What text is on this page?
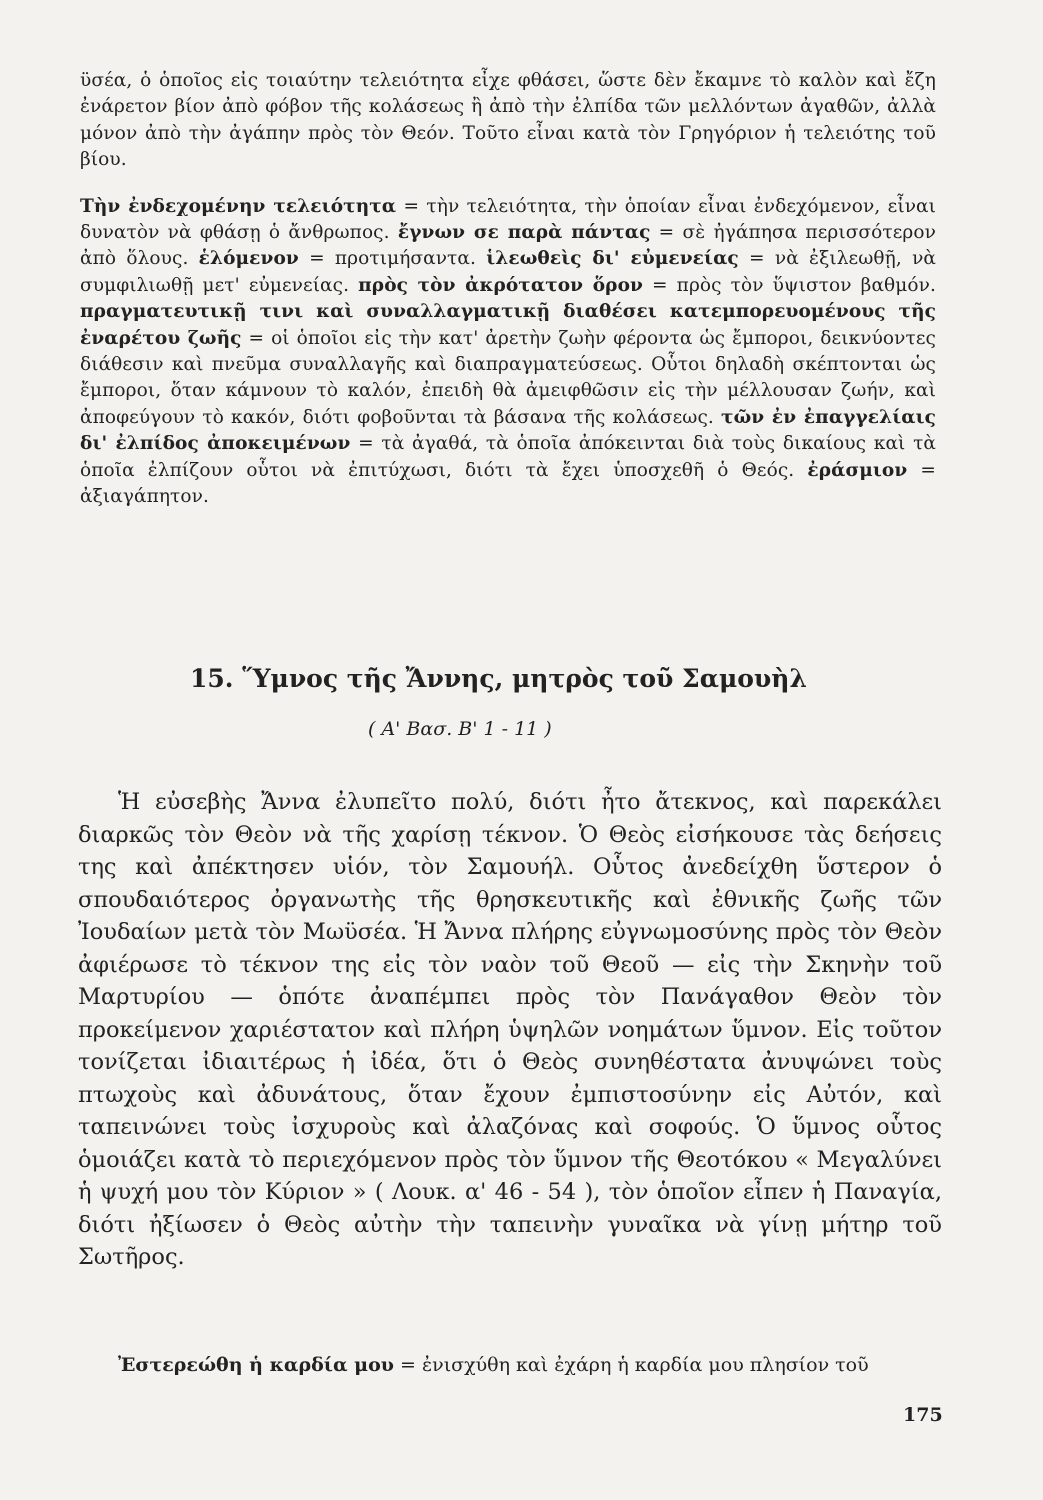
ϋσέα, ὁ ὁποῖος εἰς τοιαύτην τελειότητα εἶχε φθάσει, ὥστε δὲν ἔκαμνε τὸ καλὸν καὶ ἔζη ἐνάρετον βίον ἀπὸ φόβον τῆς κολάσεως ἢ ἀπὸ τὴν ἐλπίδα τῶν μελλόντων ἀγαθῶν, ἀλλὰ μόνον ἀπὸ τὴν ἀγάπην πρὸς τὸν Θεόν. Τοῦτο εἶναι κατὰ τὸν Γρηγόριον ἡ τελειότης τοῦ βίου.

Τὴν ἐνδεχομένην τελειότητα = τὴν τελειότητα, τὴν ὁποίαν εἶναι ἐνδεχόμενον, εἶναι δυνατὸν νὰ φθάσῃ ὁ ἄνθρωπος. ἔγνων σε παρὰ πάντας = σὲ ἠγάπησα περισσότερον ἀπὸ ὅλους. ἑλόμενον = προτιμήσαντα. ἱλεωθεὶς δι' εὐμενείας = νὰ ἐξιλεωθῇ, νὰ συμφιλιωθῇ μετ' εὐμενείας. πρὸς τὸν ἀκρότατον ὅρον = πρὸς τὸν ὕψιστον βαθμόν. πραγματευτικῇ τινι καὶ συναλλαγματικῇ διαθέσει κατεμπορευομένους τῆς ἐναρέτου ζωῆς = οἱ ὁποῖοι εἰς τὴν κατ' ἀρετὴν ζωὴν φέροντα ὡς ἔμποροι, δεικνύοντες διάθεσιν καὶ πνεῦμα συναλλαγῆς καὶ διαπραγματεύσεως. Οὗτοι δηλαδὴ σκέπτονται ὡς ἔμποροι, ὅταν κάμνουν τὸ καλόν, ἐπειδὴ θὰ ἀμειφθῶσιν εἰς τὴν μέλλουσαν ζωήν, καὶ ἀποφεύγουν τὸ κακόν, διότι φοβοῦνται τὰ βάσανα τῆς κολάσεως. τῶν ἐν ἐπαγγελίαις δι' ἐλπίδος ἀποκειμένων = τὰ ἀγαθά, τὰ ὁποῖα ἀπόκεινται διὰ τοὺς δικαίους καὶ τὰ ὁποῖα ἐλπίζουν οὗτοι νὰ ἐπιτύχωσι, διότι τὰ ἔχει ὑποσχεθῆ ὁ Θεός. ἐράσμιον = ἀξιαγάπητον.

15. Ὕμνος τῆς Ἄννης, μητρὸς τοῦ Σαμουὴλ
( Α' Βασ. Β' 1 - 11 )

Ἡ εὐσεβὴς Ἄννα ἐλυπεῖτο πολύ, διότι ἦτο ἄτεκνος, καὶ παρεκάλει διαρκῶς τὸν Θεὸν νὰ τῆς χαρίσῃ τέκνον. Ὁ Θεὸς εἰσήκουσε τὰς δεήσεις της καὶ ἀπέκτησεν υἱόν, τὸν Σαμουήλ. Οὗτος ἀνεδείχθη ὕστερον ὁ σπουδαιότερος ὀργανωτὴς τῆς θρησκευτικῆς καὶ ἐθνικῆς ζωῆς τῶν Ἰουδαίων μετὰ τὸν Μωϋσέα. Ἡ Ἄννα πλήρης εὐγνωμοσύνης πρὸς τὸν Θεὸν ἀφιέρωσε τὸ τέκνον της εἰς τὸν ναὸν τοῦ Θεοῦ — εἰς τὴν Σκηνὴν τοῦ Μαρτυρίου — ὁπότε ἀναπέμπει πρὸς τὸν Πανάγαθον Θεὸν τὸν προκείμενον χαριέστατον καὶ πλήρη ὑψηλῶν νοημάτων ὕμνον. Εἰς τοῦτον τονίζεται ἰδιαιτέρως ἡ ἰδέα, ὅτι ὁ Θεὸς συνηθέστατα ἀνυψώνει τοὺς πτωχοὺς καὶ ἀδυνάτους, ὅταν ἔχουν ἐμπιστοσύνην εἰς Αὐτόν, καὶ ταπεινώνει τοὺς ἰσχυροὺς καὶ ἀλαζόνας καὶ σοφούς. Ὁ ὕμνος οὗτος ὁμοιάζει κατὰ τὸ περιεχόμενον πρὸς τὸν ὕμνον τῆς Θεοτόκου « Μεγαλύνει ἡ ψυχή μου τὸν Κύριον » ( Λουκ. α' 46 - 54 ), τὸν ὁποῖον εἶπεν ἡ Παναγία, διότι ἠξίωσεν ὁ Θεὸς αὐτὴν τὴν ταπεινὴν γυναῖκα νὰ γίνῃ μήτηρ τοῦ Σωτῆρος.

Ἐστερεώθη ἡ καρδία μου = ἐνισχύθη καὶ ἐχάρη ἡ καρδία μου πλησίον τοῦ
175
